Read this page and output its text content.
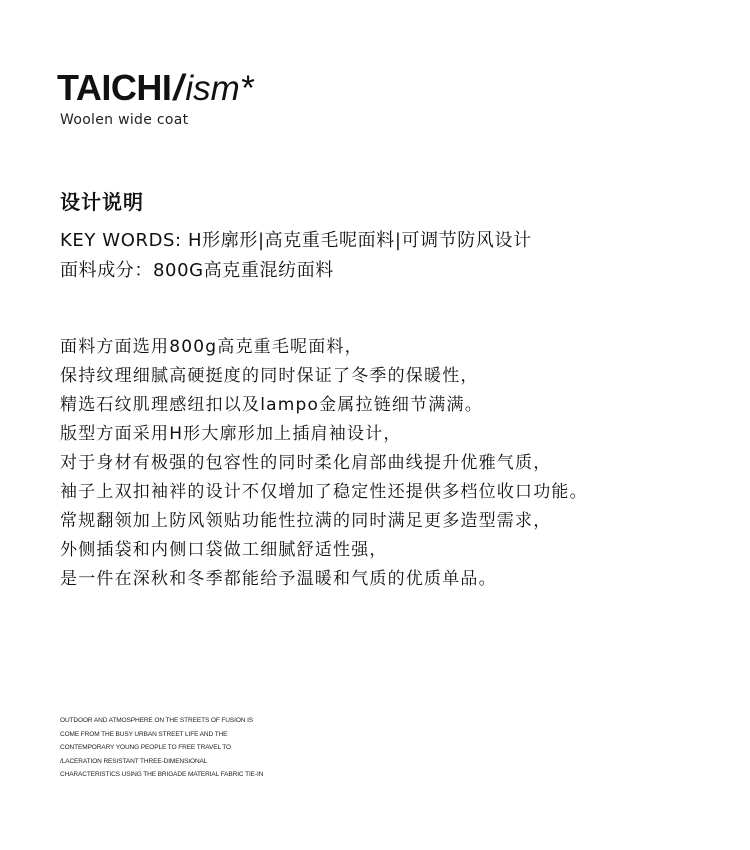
TAICHI/ism*
Woolen wide coat
设计说明
KEY WORDS: H形廓形|高克重毛呢面料|可调节防风设计
面料成分：800G高克重混纺面料
面料方面选用800g高克重毛呢面料，
保持纹理细腻高硬挺度的同时保证了冬季的保暖性，
精选石纹肌理感纽扣以及lampo金属拉链细节满满。
版型方面采用H形大廓形加上插肩袖设计，
对于身材有极强的包容性的同时柔化肩部曲线提升优雅气质，
袖子上双扣袖袢的设计不仅增加了稳定性还提供多档位收口功能。
常规翻领加上防风领贴功能性拉满的同时满足更多造型需求，
外侧插袋和内侧口袋做工细腻舒适性强，
是一件在深秋和冬季都能给予温暖和气质的优质单品。
OUTDOOR AND ATMOSPHERE ON THE STREETS OF FUSION IS
COME FROM THE BUSY URBAN STREET LIFE AND THE
CONTEMPORARY YOUNG PEOPLE TO FREE TRAVEL TO
/LACERATION RESISTANT THREE-DIMENSIONAL
CHARACTERISTICS USING THE BRIGADE MATERIAL FABRIC TIE-IN
